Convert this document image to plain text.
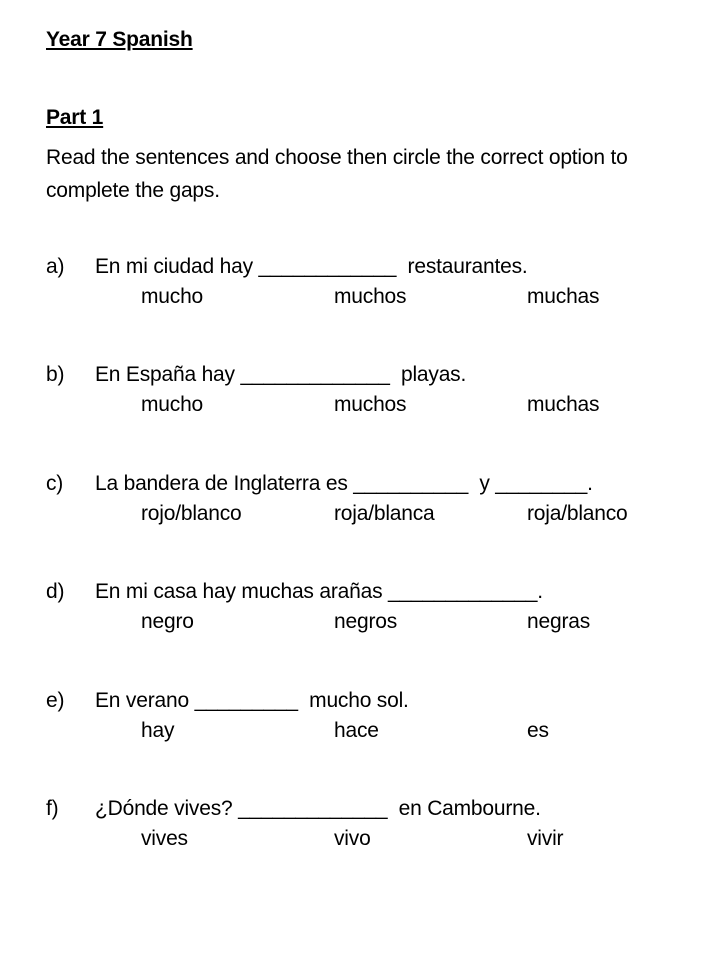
Year 7 Spanish
Part 1
Read the sentences and choose then circle the correct option to complete the gaps.
a) En mi ciudad hay ____________  restaurantes.
mucho	muchos	muchas
b) En España hay _____________  playas.
mucho	muchos	muchas
c) La bandera de Inglaterra es __________  y ________.
rojo/blanco	roja/blanca	roja/blanco
d) En mi casa hay muchas arañas _____________.
negro	negros	negras
e) En verano _________  mucho sol.
hay	hace	es
f) ¿Dónde vives? _____________  en Cambourne.
vives	vivo	vivir
